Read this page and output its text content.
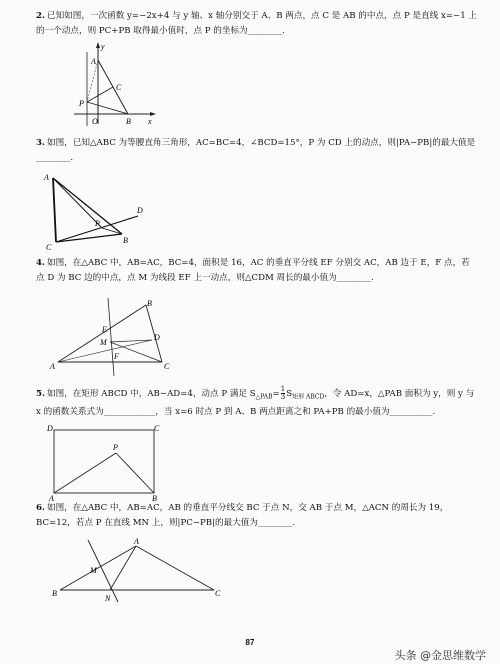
2. 已知如图，一次函数 y=−2x+4 与 y 轴、x 轴分别交于 A、B 两点，点 C 是 AB 的中点，点 P 是直线 x=−1 上的一个动点，则 PC+PB 取得最小值时，点 P 的坐标为________.
y
A
C
P
O	B x
3. 如图，已知△ABC 为等腰直角三角形，AC=BC=4，∠BCD=15°，P 为 CD 上的动点，则|PA−PB|的最大值是________.
A
D
P
B
C
4. 如图，在△ABC 中，AB=AC，BC=4，面积是 16，AC 的垂直平分线 EF 分别交 AC，AB 边于 E，F 点，若点 D 为 BC 边的中点，点 M 为线段 EF 上一动点，则△CDM 周长的最小值为________.
B
E
D
M
F
A	C
5. 如图，在矩形 ABCD 中，AB−AD=4，动点 P 满足 $S_{\triangle PAB}= \frac{1}{3} S_{矩形 ABCD}$，令 AD=x，△PAB 面积为 y，则 y 与 x 的函数关系式为____________，当 x=6 时点 P 到 A、B 两点距离之和 PA+PB 的最小值为__________.
D	C
P
A	B
6. 如图，在△ABC 中，AB=AC，AB 的垂直平分线交 BC 于点 N，交 AB 于点 M，△ACN 的周长为 19，BC=12，若点 P 在直线 MN 上，则|PC−PB|的最大值为________.
A
M
B
N
C
87
头条 @金思维数学
